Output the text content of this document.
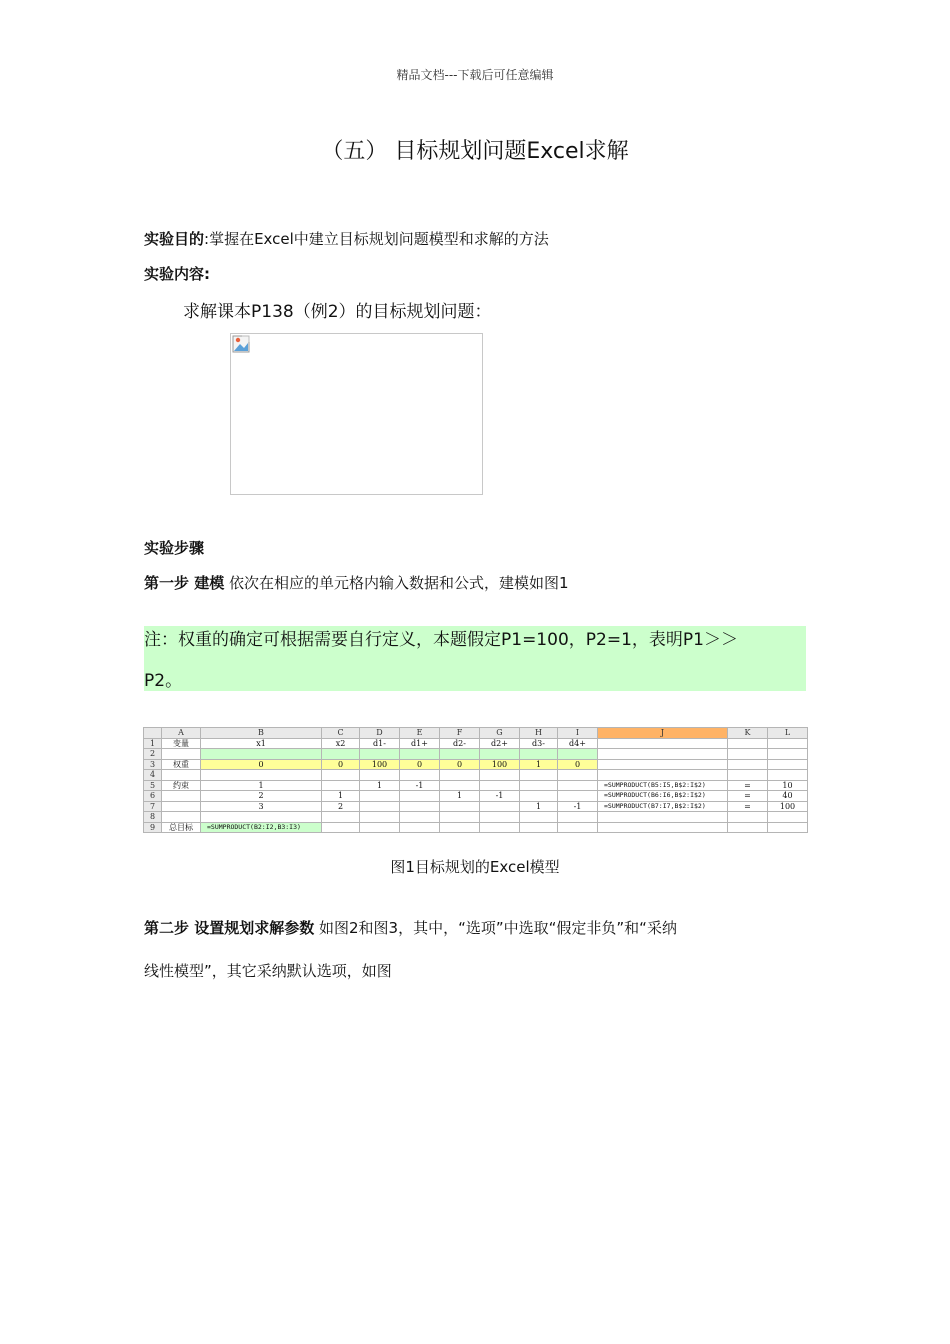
精品文档---下载后可任意编辑
（五） 目标规划问题Excel求解
实验目的:掌握在Excel中建立目标规划问题模型和求解的方法
实验内容:
求解课本P138（例2）的目标规划问题：
实验步骤
第一步 建模 依次在相应的单元格内输入数据和公式，建模如图1
注：权重的确定可根据需要自行定义，本题假定P1=100，P2=1，表明P1＞＞
P2。
	A	B	C	D	E	F	G	H	I	J	K	L
1	变量	x1	x2	d1-	d1+	d2-	d2+	d3-	d4+			
2												
3	权重	0	0	100	0	0	100	1	0			
4												
5	约束	1		1	-1					=SUMPRODUCT(B5:I5,B$2:I$2)	=	10
6		2	1			1	-1			=SUMPRODUCT(B6:I6,B$2:I$2)	=	40
7		3	2					1	-1	=SUMPRODUCT(B7:I7,B$2:I$2)	=	100
8												
9	总目标	=SUMPRODUCT(B2:I2,B3:I3)										
图1目标规划的Excel模型
第二步 设置规划求解参数 如图2和图3，其中，“选项”中选取“假定非负”和“采纳
线性模型”，其它采纳默认选项，如图
